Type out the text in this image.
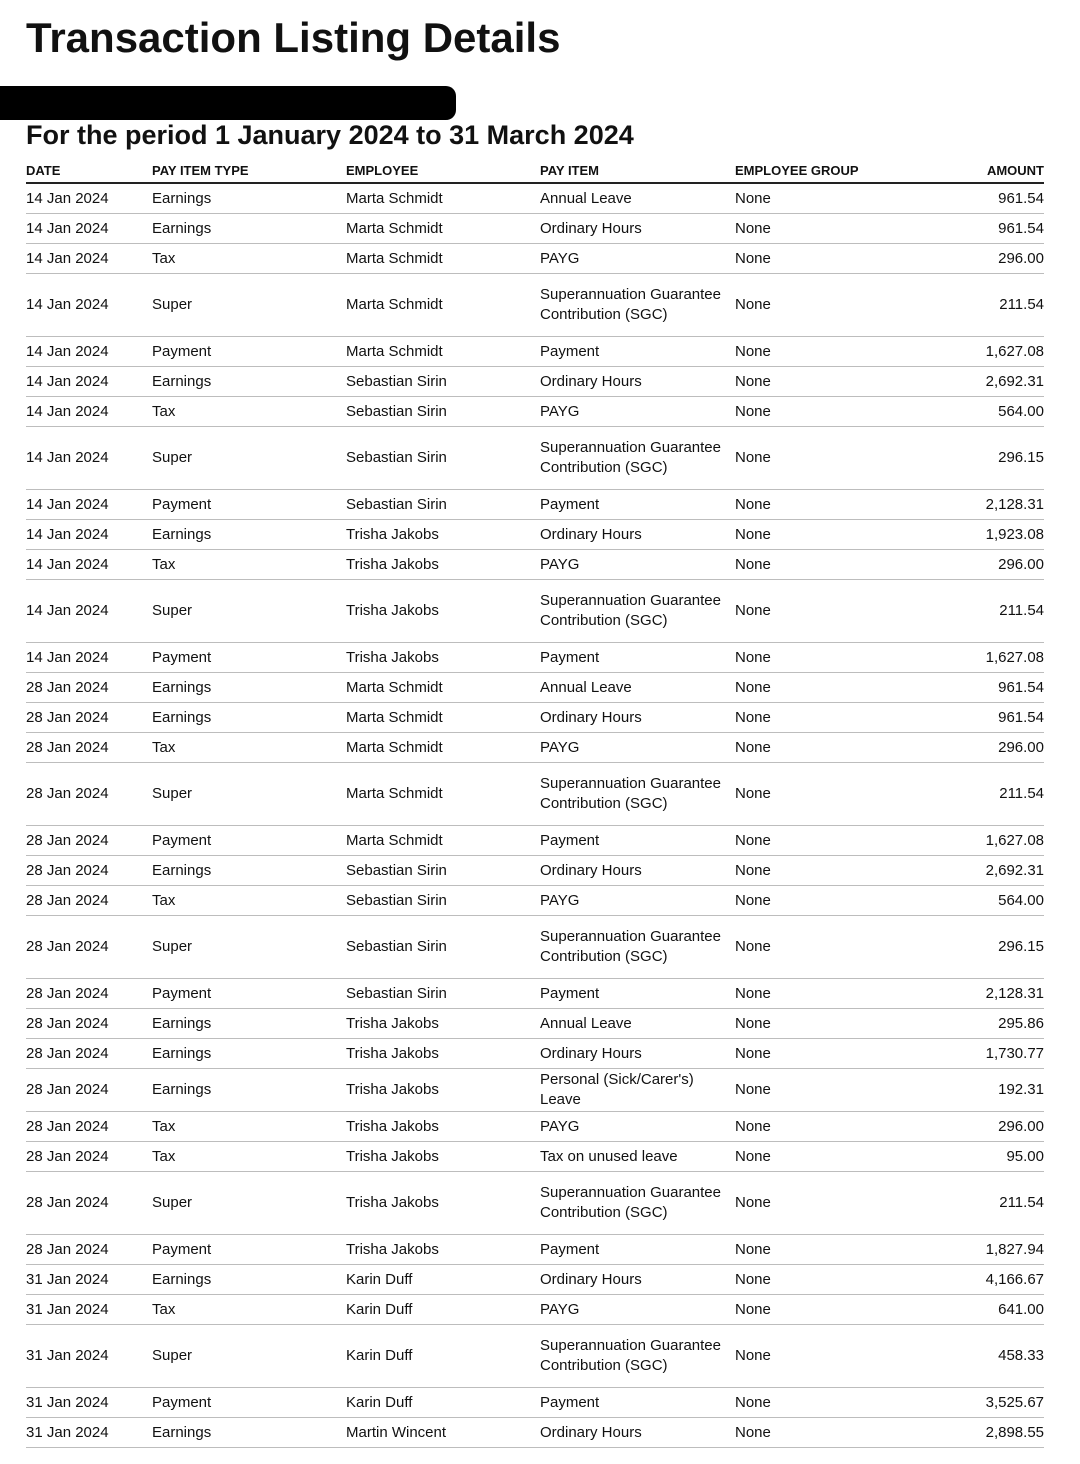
Transaction Listing Details
For the period 1 January 2024 to 31 March 2024
DATE	PAY ITEM TYPE	EMPLOYEE	PAY ITEM	EMPLOYEE GROUP	AMOUNT
14 Jan 2024	Earnings	Marta Schmidt	Annual Leave	None	961.54
14 Jan 2024	Earnings	Marta Schmidt	Ordinary Hours	None	961.54
14 Jan 2024	Tax	Marta Schmidt	PAYG	None	296.00
14 Jan 2024	Super	Marta Schmidt	Superannuation Guarantee Contribution (SGC)	None	211.54
14 Jan 2024	Payment	Marta Schmidt	Payment	None	1,627.08
14 Jan 2024	Earnings	Sebastian Sirin	Ordinary Hours	None	2,692.31
14 Jan 2024	Tax	Sebastian Sirin	PAYG	None	564.00
14 Jan 2024	Super	Sebastian Sirin	Superannuation Guarantee Contribution (SGC)	None	296.15
14 Jan 2024	Payment	Sebastian Sirin	Payment	None	2,128.31
14 Jan 2024	Earnings	Trisha Jakobs	Ordinary Hours	None	1,923.08
14 Jan 2024	Tax	Trisha Jakobs	PAYG	None	296.00
14 Jan 2024	Super	Trisha Jakobs	Superannuation Guarantee Contribution (SGC)	None	211.54
14 Jan 2024	Payment	Trisha Jakobs	Payment	None	1,627.08
28 Jan 2024	Earnings	Marta Schmidt	Annual Leave	None	961.54
28 Jan 2024	Earnings	Marta Schmidt	Ordinary Hours	None	961.54
28 Jan 2024	Tax	Marta Schmidt	PAYG	None	296.00
28 Jan 2024	Super	Marta Schmidt	Superannuation Guarantee Contribution (SGC)	None	211.54
28 Jan 2024	Payment	Marta Schmidt	Payment	None	1,627.08
28 Jan 2024	Earnings	Sebastian Sirin	Ordinary Hours	None	2,692.31
28 Jan 2024	Tax	Sebastian Sirin	PAYG	None	564.00
28 Jan 2024	Super	Sebastian Sirin	Superannuation Guarantee Contribution (SGC)	None	296.15
28 Jan 2024	Payment	Sebastian Sirin	Payment	None	2,128.31
28 Jan 2024	Earnings	Trisha Jakobs	Annual Leave	None	295.86
28 Jan 2024	Earnings	Trisha Jakobs	Ordinary Hours	None	1,730.77
28 Jan 2024	Earnings	Trisha Jakobs	Personal (Sick/Carer's) Leave	None	192.31
28 Jan 2024	Tax	Trisha Jakobs	PAYG	None	296.00
28 Jan 2024	Tax	Trisha Jakobs	Tax on unused leave	None	95.00
28 Jan 2024	Super	Trisha Jakobs	Superannuation Guarantee Contribution (SGC)	None	211.54
28 Jan 2024	Payment	Trisha Jakobs	Payment	None	1,827.94
31 Jan 2024	Earnings	Karin Duff	Ordinary Hours	None	4,166.67
31 Jan 2024	Tax	Karin Duff	PAYG	None	641.00
31 Jan 2024	Super	Karin Duff	Superannuation Guarantee Contribution (SGC)	None	458.33
31 Jan 2024	Payment	Karin Duff	Payment	None	3,525.67
31 Jan 2024	Earnings	Martin Wincent	Ordinary Hours	None	2,898.55
